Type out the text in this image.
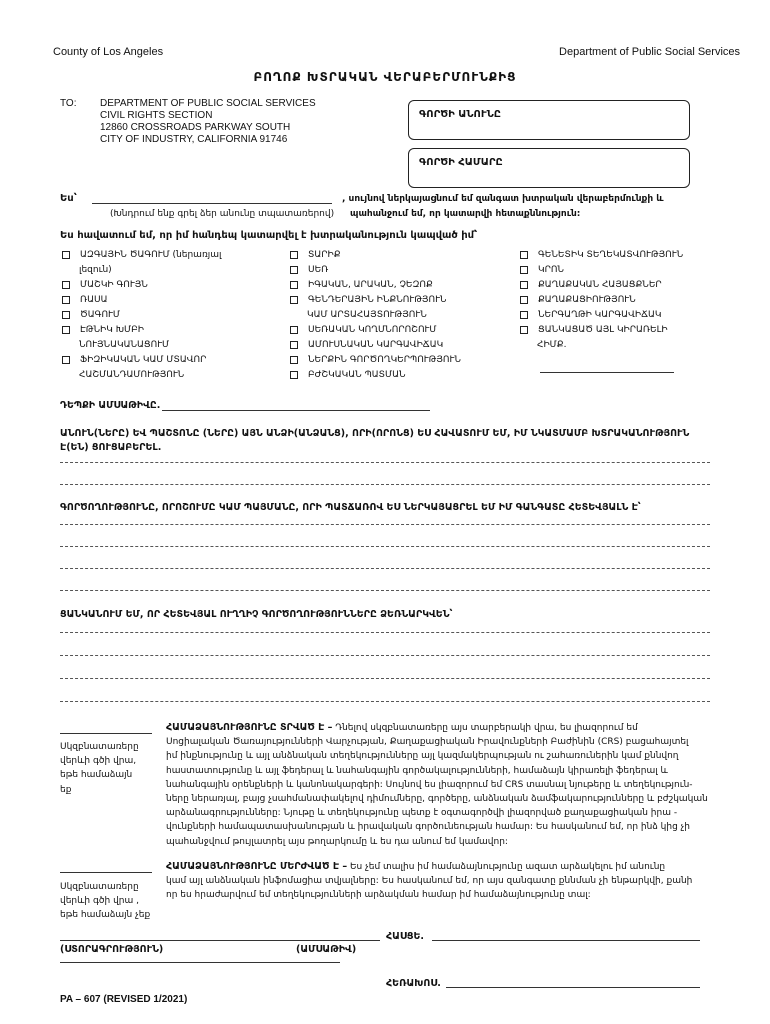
County of Los Angeles	Department of Public Social Services
ԲՈՂՈՔ ԽՏՐԱԿԱՆ ՎԵՐԱԲԵՐՄՈՒՆՔԻՑ
TO: DEPARTMENT OF PUBLIC SOCIAL SERVICES
CIVIL RIGHTS SECTION
12860 CROSSROADS PARKWAY SOUTH
CITY OF INDUSTRY, CALIFORNIA 91746
ԳՈՐԾԻ ԱՆՈՒՆԸ
ԳՈՐԾԻ ՀԱՄԱՐԸ
Ես՝
(Խնդրում ենք գրել ձեր անունը տպատառերով)
, սույնով ներկայացնում եմ զանգատ խտրական վերաբերմունքի և
պահանջում եմ, որ կատարվի հետաքննություն:
Ես հավատում եմ, որ իմ հանդեպ կատարվել է խտրականություն կապված իմ՝
ԱԶԳԱՅԻՆ ԾԱԳՈՒՄ (ներառյալ
լեզուն)
ՄԱՇԿԻ ԳՈՒՅՆ
ՌԱՍԱ
ԾԱԳՈՒՄ
ԷԹՆԻԿ ԽՄԲԻ
ՆՈՒՅՆԱԿԱՆԱՑՈՒՄ
ՖԻԶԻԿԱԿԱՆ ԿԱՄ ՄՏԱՎՈՐ
ՀԱՇՄԱՆԴԱՄՈՒԹՅՈՒՆ
ՏԱՐԻՔ
ՍԵՌ
ԻԳԱԿԱՆ, ԱՐԱԿԱՆ, ՉԵԶՈՔ
ԳԵՆԴԵՐԱՅԻՆ ԻՆՔՆՈՒԹՅՈՒՆ
ԿԱՄ ԱՐՏԱՀԱՅՏՈՒԹՅՈՒՆ
ՍԵՌԱԿԱՆ ԿՈՂՄՆՈՐՈՇՈՒՄ
ԱՄՈՒՍՆԱԿԱՆ ԿԱՐԳԱՎԻՃԱԿ
ՆԵՐՔԻՆ ԳՈՐԾՈՂԿԵՐՊՈՒԹՅՈՒՆ
ԲԺՇԿԱԿԱՆ ՊԱՏՄԱՆ
ԳԵՆԵՏԻԿ ՏԵՂԵԿԱՏՎՈՒԹՅՈՒՆ
ԿՐՈՆ
ՔԱՂԱՔԱԿԱՆ ՀԱՅԱՑՔՆԵՐ
ՔԱՂԱՔԱՑԻՈՒԹՅՈՒՆ
ՆԵՐԳԱՂԹԻ ԿԱՐԳԱՎԻՃԱԿ
ՑԱՆԿԱՑԱԾ ԱՅԼ ԿԻՐԱՌԵԼԻ
ՀԻՄՔ.
ԴԵՊՔԻ ԱՄՍԱԹԻՎԸ.
ԱՆՈՒՆ(ՆԵՐԸ) ԵՎ ՊԱՇՏՈՆԸ (ՆԵՐԸ) ԱՅՆ ԱՆՁԻ(ԱՆՁԱՆՑ), ՈՐԻ(ՈՐՈՆՑ) ԵՍ ՀԱՎԱՏՈՒՄ ԵՄ, ԻՄ ՆԿԱՏՄԱՄԲ ԽՏՐԱԿԱՆՈՒԹՅՈՒՆ
Է(ԵՆ) ՑՈՒՑԱԲԵՐԵԼ.
ԳՈՐԾՈՂՈՒԹՅՈՒՆԸ, ՈՐՈՇՈՒՄԸ ԿԱՄ ՊԱՅՄԱՆԸ, ՈՐԻ ՊԱՏՃԱՌՈՎ ԵՍ ՆԵՐԿԱՅԱՑՐԵԼ ԵՄ ԻՄ ԳԱՆԳԱՏԸ ՀԵՏԵՎՅԱԼՆ Է՝
ՑԱՆԿԱՆՈՒՄ ԵՄ, ՈՐ ՀԵՏԵՎՅԱԼ ՈՒՂՂԻՉ ԳՈՐԾՈՂՈՒԹՅՈՒՆՆԵՐԸ ՁԵՌՆԱՐԿՎԵՆ՝
Սկզբնատառերը
վերևի գծի վրա,
եթե համաձայն
եք
ՀԱՄԱՁԱՅՆՈՒԹՅՈՒՆԸ ՏՐՎԱԾ Է – Դնելով սկզբնատառերը այս տարբերակի վրա, ես լիազորում եմ
Սոցիալական Ծառայությունների Վարչության, Քաղաքացիական Իրավունքների Բաժինին (CRS) բացահայտել
իմ ինքնությունը և այլ անձնական տեղեկությունները այլ կազմակերպության ու շահառուներին կամ քննվող
հաստատությունը և այլ ֆեդերալ և նահանգային գործակալությունների, համաձայն կիրառելի ֆեդերալ և
նահանգային օրենքների և կանոնակարգերի: Սույնով ես լիազորում եմ CRS տասնալ նյութերը և տեղեկություն-
ները ներառյալ, բայց չսահմանափակելով դիմումները, գործերը, անձնական ձամֆակարությունները և բժշկական
արձանագրությունները: Նյութը և տեղեկությունը պետք է օգտագործվի լիազորված քաղաքացիական իրա -
վունքների համապատասխանության և իրավական գործունեության համար: Ես հասկանում եմ, որ ինձ կից չի
պահանջվում թույլատրել այս թողարկումը և ես դա անում եմ կամավոր:
Սկզբնատառերը
վերևի գծի վրա ,
եթե համաձայն չեք
ՀԱՄԱՁԱՅՆՈՒԹՅՈՒՆԸ ՄԵՐԺՎԱԾ Է – Ես չեմ տալիս իմ համաձայնությունը ազատ արձակելու իմ անունը
կամ այլ անձնական ինֆոմացիա տվյալները: Ես հասկանում եմ, որ այս զանգատը քննման չի ենթարկվի, քանի
որ ես հրաժարվում եմ տեղեկությունների արձակման համար իմ համաձայնությունը տալ:
(ՍՏՈՐԱԳՐՈՒԹՅՈՒՆ)	(ԱՄՍԱԹԻՎ)
ՀԱՍՑԵ.
ՀԵՌԱԽՈՍ.
PA – 607 (REVISED 1/2021)
